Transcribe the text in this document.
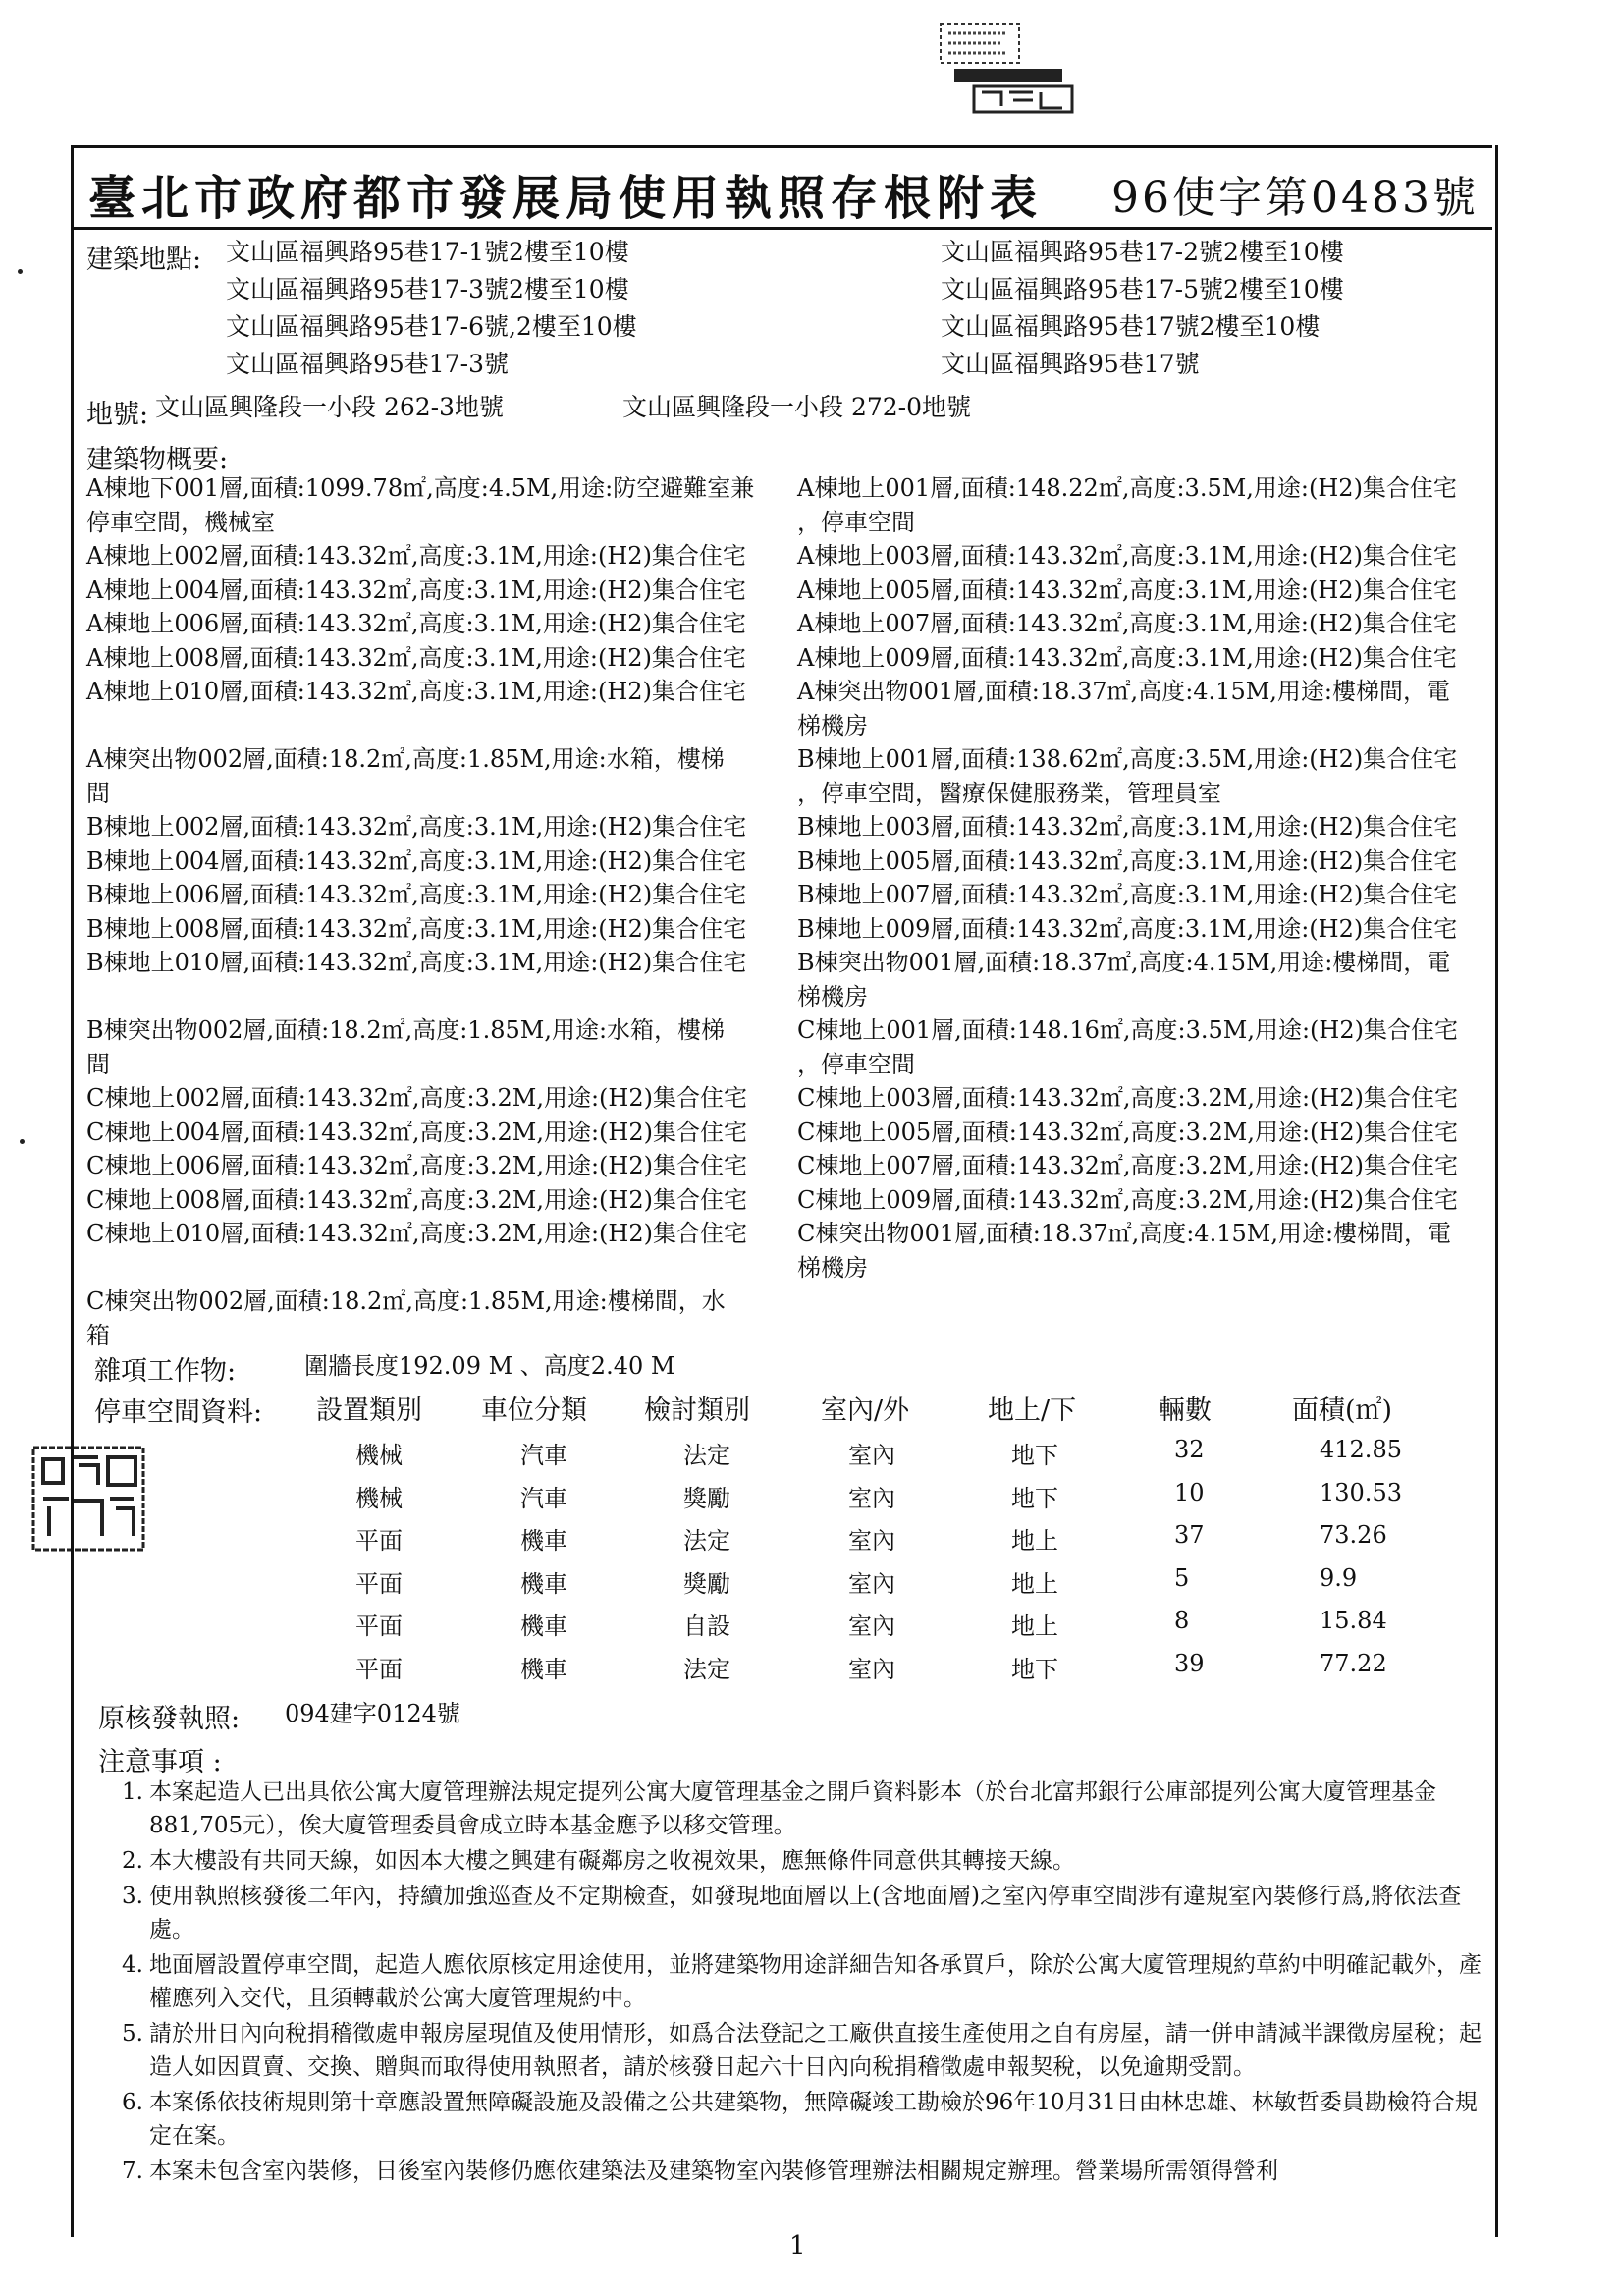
臺北市政府都市發展局使用執照存根附表 96使字第0483號
建築地點: 文山區福興路95巷17-1號2樓至10樓
文山區福興路95巷17-3號2樓至10樓
文山區福興路95巷17-6號,2樓至10樓
文山區福興路95巷17-3號
文山區福興路95巷17-2號2樓至10樓
文山區福興路95巷17-5號2樓至10樓
文山區福興路95巷17號2樓至10樓
文山區福興路95巷17號
地號: 文山區興隆段一小段 262-3地號	文山區興隆段一小段 272-0地號
建築物概要:
A棟地下001層,面積:1099.78㎡,高度:4.5M,用途:防空避難室兼
停車空間，機械室
A棟地上002層,面積:143.32㎡,高度:3.1M,用途:(H2)集合住宅
A棟地上004層,面積:143.32㎡,高度:3.1M,用途:(H2)集合住宅
A棟地上006層,面積:143.32㎡,高度:3.1M,用途:(H2)集合住宅
A棟地上008層,面積:143.32㎡,高度:3.1M,用途:(H2)集合住宅
A棟地上010層,面積:143.32㎡,高度:3.1M,用途:(H2)集合住宅
A棟突出物002層,面積:18.2㎡,高度:1.85M,用途:水箱，樓梯
間
B棟地上002層,面積:143.32㎡,高度:3.1M,用途:(H2)集合住宅
B棟地上004層,面積:143.32㎡,高度:3.1M,用途:(H2)集合住宅
B棟地上006層,面積:143.32㎡,高度:3.1M,用途:(H2)集合住宅
B棟地上008層,面積:143.32㎡,高度:3.1M,用途:(H2)集合住宅
B棟地上010層,面積:143.32㎡,高度:3.1M,用途:(H2)集合住宅
B棟突出物002層,面積:18.2㎡,高度:1.85M,用途:水箱，樓梯
間
C棟地上002層,面積:143.32㎡,高度:3.2M,用途:(H2)集合住宅
C棟地上004層,面積:143.32㎡,高度:3.2M,用途:(H2)集合住宅
C棟地上006層,面積:143.32㎡,高度:3.2M,用途:(H2)集合住宅
C棟地上008層,面積:143.32㎡,高度:3.2M,用途:(H2)集合住宅
C棟地上010層,面積:143.32㎡,高度:3.2M,用途:(H2)集合住宅
C棟突出物002層,面積:18.2㎡,高度:1.85M,用途:樓梯間，水
箱
A棟地上001層,面積:148.22㎡,高度:3.5M,用途:(H2)集合住宅
，停車空間
A棟地上003層,面積:143.32㎡,高度:3.1M,用途:(H2)集合住宅
A棟地上005層,面積:143.32㎡,高度:3.1M,用途:(H2)集合住宅
A棟地上007層,面積:143.32㎡,高度:3.1M,用途:(H2)集合住宅
A棟地上009層,面積:143.32㎡,高度:3.1M,用途:(H2)集合住宅
A棟突出物001層,面積:18.37㎡,高度:4.15M,用途:樓梯間，電
梯機房
B棟地上001層,面積:138.62㎡,高度:3.5M,用途:(H2)集合住宅
，停車空間，醫療保健服務業，管理員室
B棟地上003層,面積:143.32㎡,高度:3.1M,用途:(H2)集合住宅
B棟地上005層,面積:143.32㎡,高度:3.1M,用途:(H2)集合住宅
B棟地上007層,面積:143.32㎡,高度:3.1M,用途:(H2)集合住宅
B棟地上009層,面積:143.32㎡,高度:3.1M,用途:(H2)集合住宅
B棟突出物001層,面積:18.37㎡,高度:4.15M,用途:樓梯間，電
梯機房
C棟地上001層,面積:148.16㎡,高度:3.5M,用途:(H2)集合住宅
，停車空間
C棟地上003層,面積:143.32㎡,高度:3.2M,用途:(H2)集合住宅
C棟地上005層,面積:143.32㎡,高度:3.2M,用途:(H2)集合住宅
C棟地上007層,面積:143.32㎡,高度:3.2M,用途:(H2)集合住宅
C棟地上009層,面積:143.32㎡,高度:3.2M,用途:(H2)集合住宅
C棟突出物001層,面積:18.37㎡,高度:4.15M,用途:樓梯間，電
梯機房
雜項工作物:	圍牆長度192.09 M 、高度2.40 M
停車空間資料: 設置類別 車位分類 檢討類別	室內/外	地上/下	輛數	面積(㎡)
機械	汽車	法定	室內	地下	32	412.85
機械	汽車	獎勵	室內	地下	10	130.53
平面	機車	法定	室內	地上	37	73.26
平面	機車	獎勵	室內	地上	5	9.9
平面	機車	自設	室內	地上	8	15.84
平面	機車	法定	室內	地下	39	77.22
原核發執照: 094建字0124號
注意事項 :
1. 本案起造人已出具依公寓大廈管理辦法規定提列公寓大廈管理基金之開戶資料影本（於台北富邦銀行公庫部提列公寓大廈管理基金881,705元），俟大廈管理委員會成立時本基金應予以移交管理。
2. 本大樓設有共同天線，如因本大樓之興建有礙鄰房之收視效果，應無條件同意供其轉接天線。
3. 使用執照核發後二年內，持續加強巡查及不定期檢查，如發現地面層以上(含地面層)之室內停車空間涉有違規室內裝修行爲,將依法查處。
4. 地面層設置停車空間，起造人應依原核定用途使用，並將建築物用途詳細告知各承買戶，除於公寓大廈管理規約草約中明確記載外，產權應列入交代，且須轉載於公寓大廈管理規約中。
5. 請於卅日內向稅捐稽徵處申報房屋現值及使用情形，如爲合法登記之工廠供直接生產使用之自有房屋，請一併申請減半課徵房屋稅；起造人如因買賣、交換、贈與而取得使用執照者，請於核發日起六十日內向稅捐稽徵處申報契稅，以免逾期受罰。
6. 本案係依技術規則第十章應設置無障礙設施及設備之公共建築物，無障礙竣工勘檢於96年10月31日由林忠雄、林敏哲委員勘檢符合規定在案。
7. 本案未包含室內裝修，日後室內裝修仍應依建築法及建築物室內裝修管理辦法相關規定辦理。營業場所需領得營利
1
